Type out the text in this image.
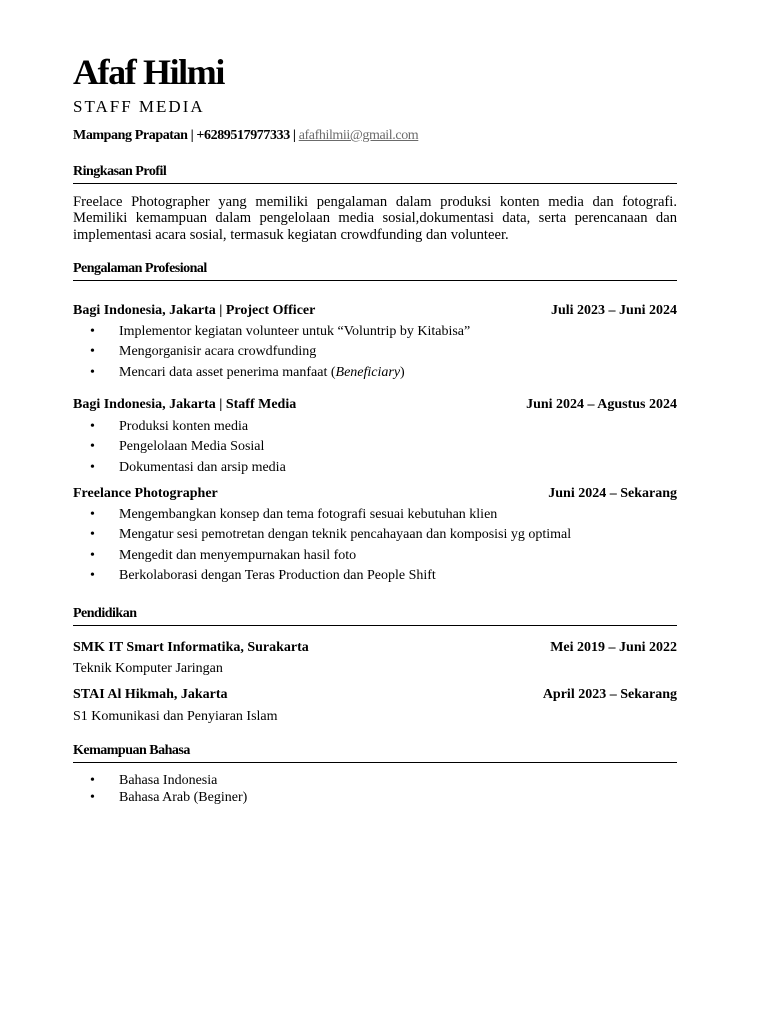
Afaf Hilmi
STAFF MEDIA
Mampang Prapatan | +6289517977333 | afafhilmii@gmail.com
Ringkasan Profil

Freelace Photographer yang memiliki pengalaman dalam produksi konten media dan fotografi. Memiliki kemampuan dalam pengelolaan media sosial,dokumentasi data, serta perencanaan dan implementasi acara sosial, termasuk kegiatan crowdfunding dan volunteer.

Pengalaman Profesional
Bagi Indonesia, Jakarta | Project Officer	Juli 2023 – Juni 2024
• Implementor kegiatan volunteer untuk “Voluntrip by Kitabisa”
• Mengorganisir acara crowdfunding
• Mencari data asset penerima manfaat (Beneficiary)
Bagi Indonesia, Jakarta | Staff Media	Juni 2024 – Agustus 2024
• Produksi konten media
• Pengelolaan Media Sosial
• Dokumentasi dan arsip media
Freelance Photographer	Juni 2024 – Sekarang
• Mengembangkan konsep dan tema fotografi sesuai kebutuhan klien
• Mengatur sesi pemotretan dengan teknik pencahayaan dan komposisi yg optimal
• Mengedit dan menyempurnakan hasil foto
• Berkolaborasi dengan Teras Production dan People Shift
Pendidikan
SMK IT Smart Informatika, Surakarta	Mei 2019 – Juni 2022
Teknik Komputer Jaringan
STAI Al Hikmah, Jakarta	April 2023 – Sekarang
S1 Komunikasi dan Penyiaran Islam
Kemampuan Bahasa
• Bahasa Indonesia
• Bahasa Arab (Beginer)
